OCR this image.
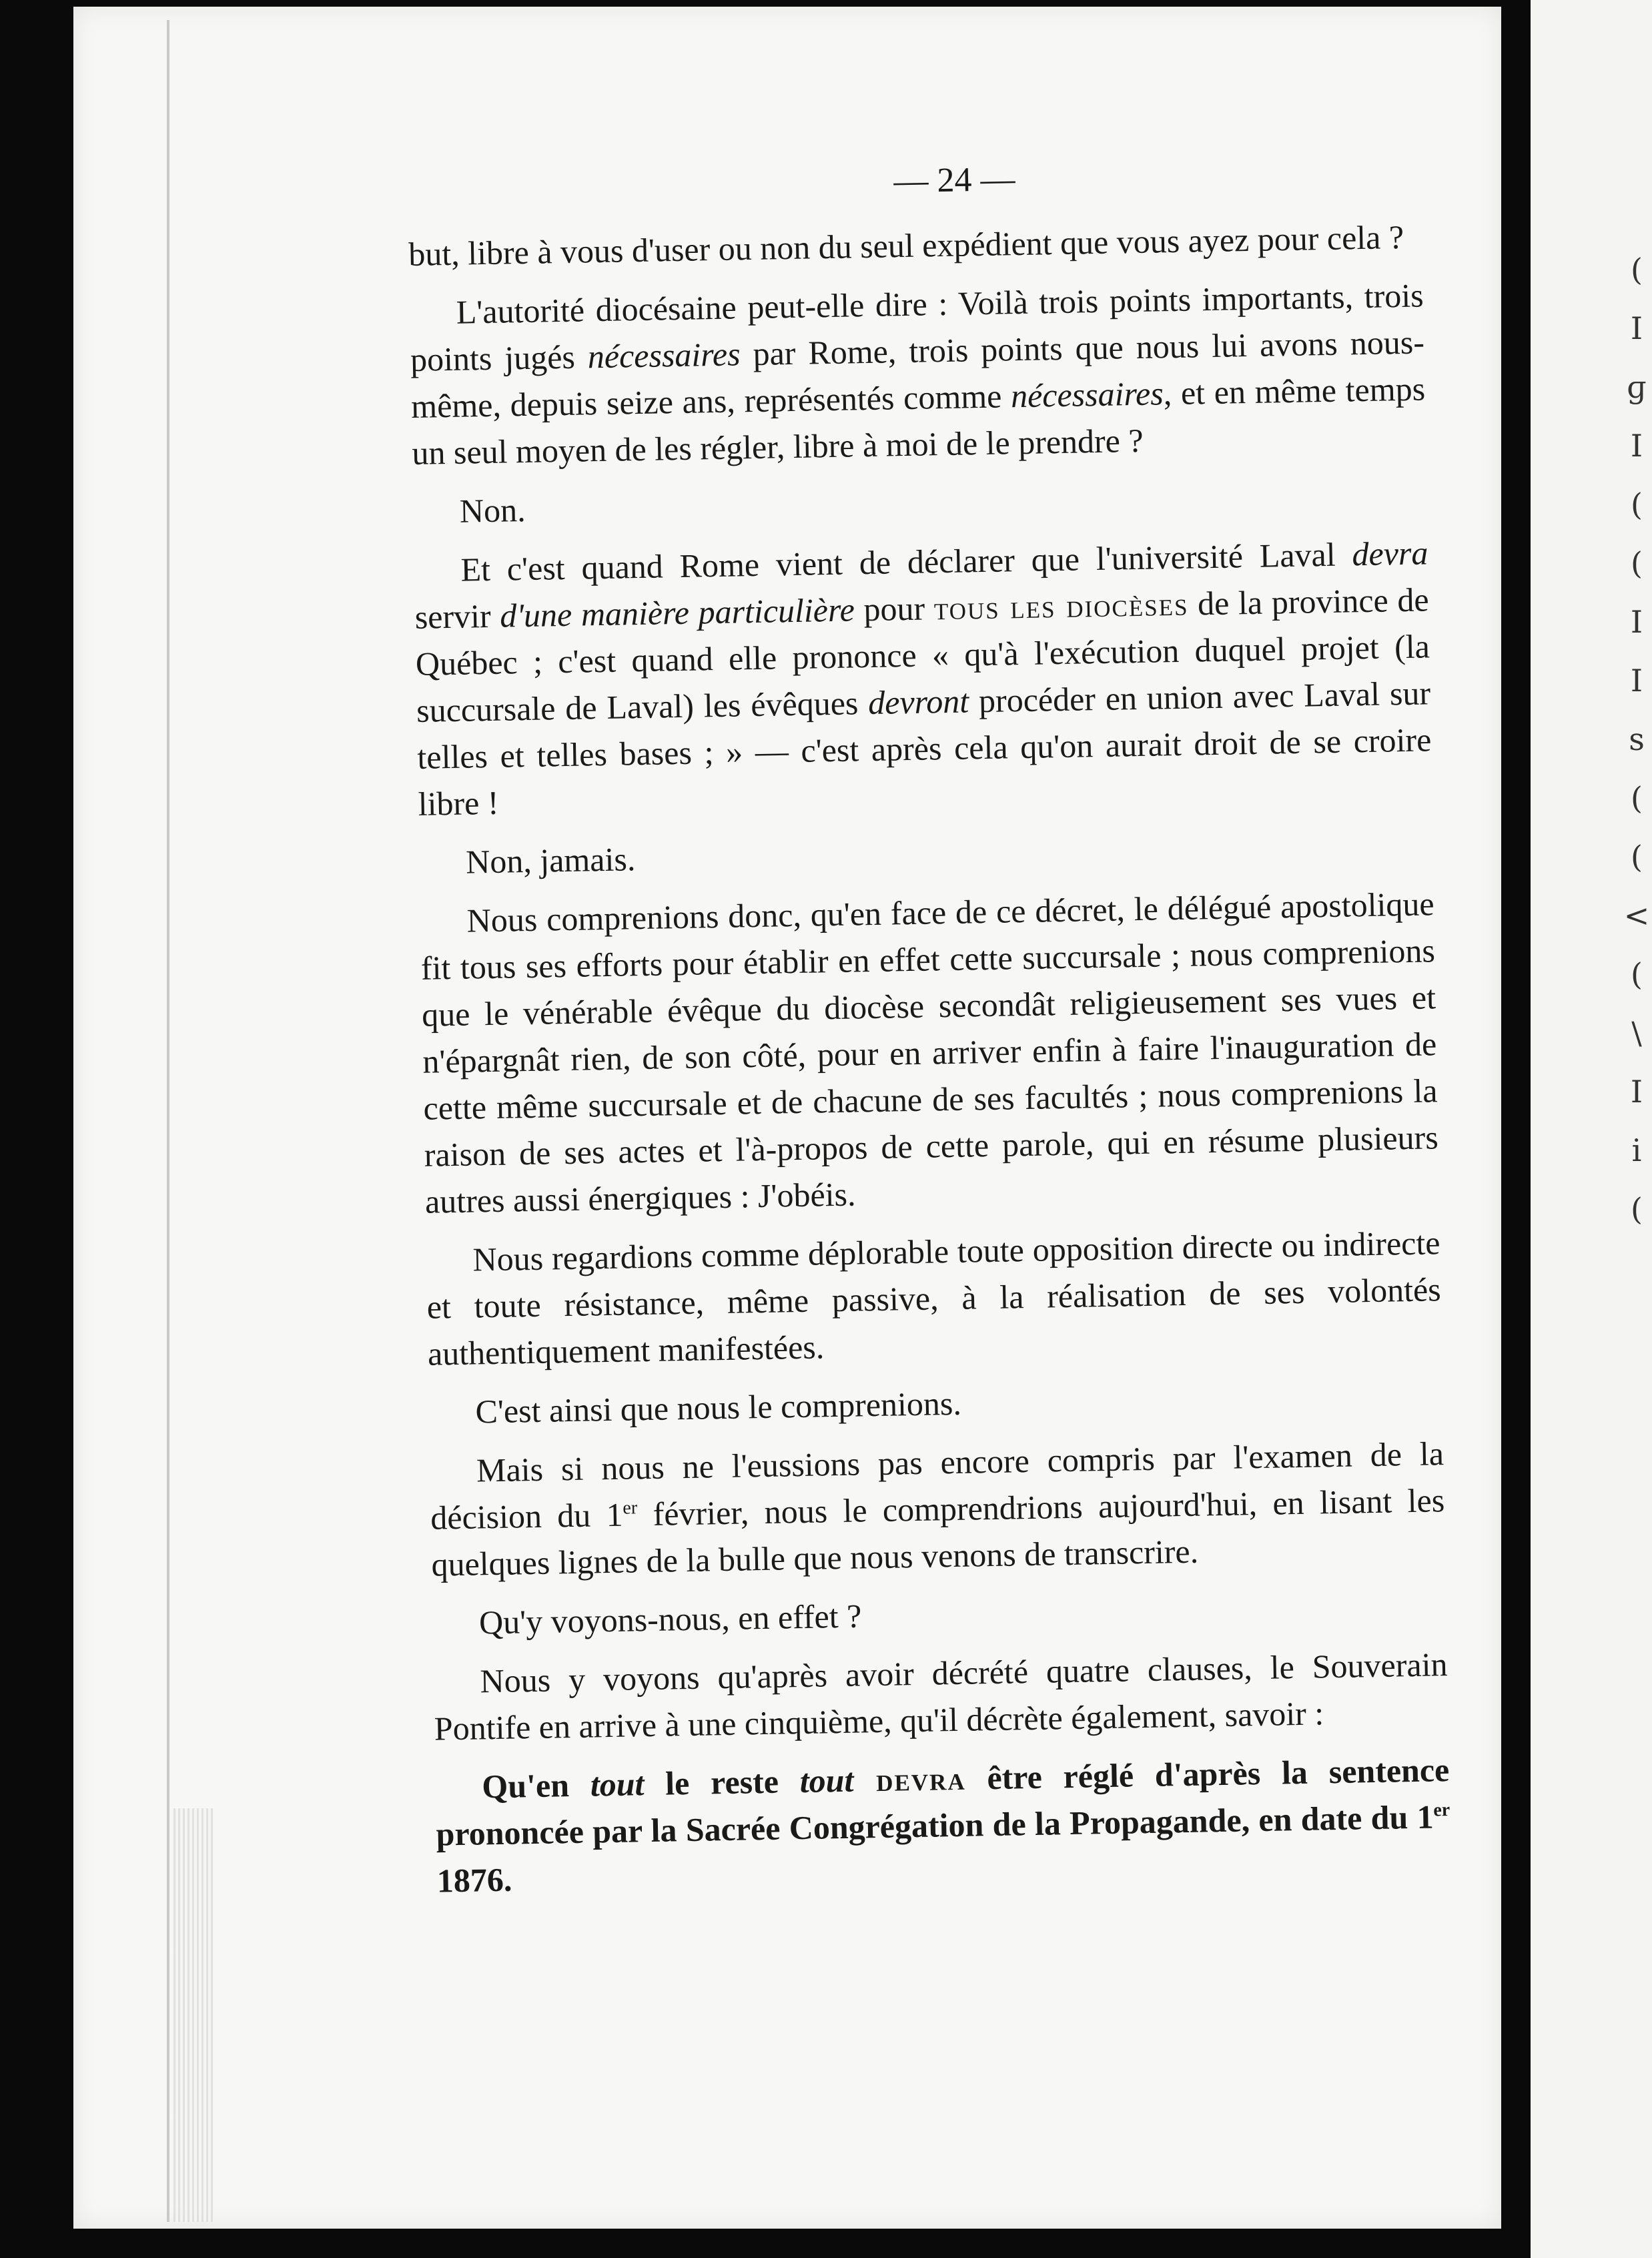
(
I
ɡ
I
(
(
I
I
s
(
(
<
(
\
I
i
(
— 24 —

but, libre à vous d'user ou non du seul expédient que vous ayez pour cela ?

L'autorité diocésaine peut-elle dire : Voilà trois points importants, trois points jugés nécessaires par Rome, trois points que nous lui avons nous-même, depuis seize ans, représentés comme nécessaires, et en même temps un seul moyen de les régler, libre à moi de le prendre ?

Non.

Et c'est quand Rome vient de déclarer que l'université Laval devra servir d'une manière particulière pour tous les diocèses de la province de Québec ; c'est quand elle prononce « qu'à l'exécution duquel projet (la succursale de Laval) les évêques devront procéder en union avec Laval sur telles et telles bases ; » — c'est après cela qu'on aurait droit de se croire libre !

Non, jamais.

Nous comprenions donc, qu'en face de ce décret, le délégué apostolique fit tous ses efforts pour établir en effet cette succursale ; nous comprenions que le vénérable évêque du diocèse secondât religieusement ses vues et n'épargnât rien, de son côté, pour en arriver enfin à faire l'inauguration de cette même succursale et de chacune de ses facultés ; nous comprenions la raison de ses actes et l'à-propos de cette parole, qui en résume plusieurs autres aussi énergiques : J'obéis.

Nous regardions comme déplorable toute opposition directe ou indirecte et toute résistance, même passive, à la réalisation de ses volontés authentiquement manifestées.

C'est ainsi que nous le comprenions.

Mais si nous ne l'eussions pas encore compris par l'examen de la décision du 1er février, nous le comprendrions aujourd'hui, en lisant les quelques lignes de la bulle que nous venons de transcrire.

Qu'y voyons-nous, en effet ?

Nous y voyons qu'après avoir décrété quatre clauses, le Souverain Pontife en arrive à une cinquième, qu'il décrète également, savoir :

Qu'en tout le reste tout devra être réglé d'après la sentence prononcée par la Sacrée Congrégation de la Propagande, en date du 1er 1876.
